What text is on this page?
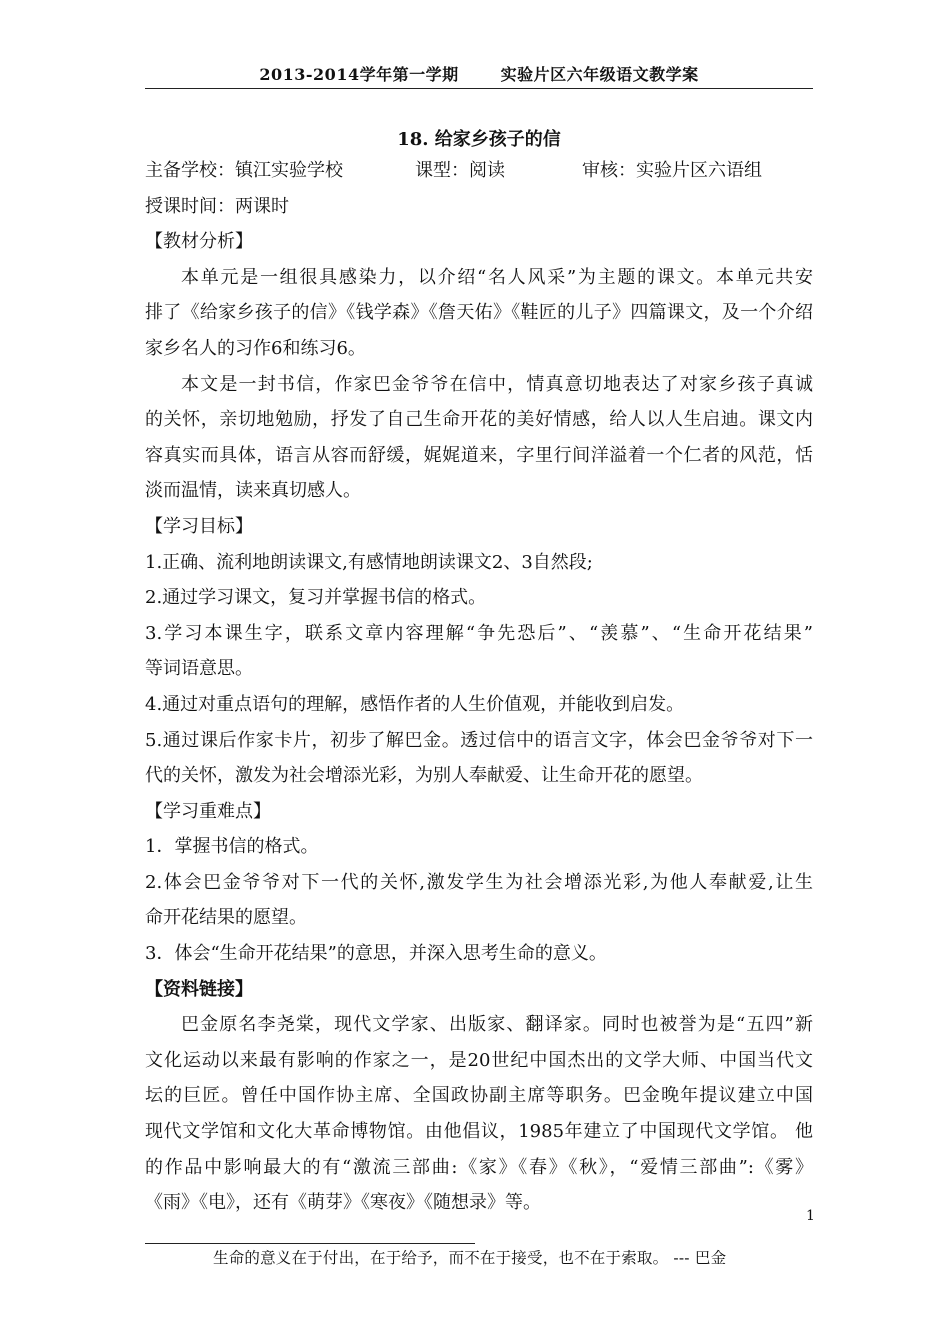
2013-2014学年第一学期	实验片区六年级语文教学案
18. 给家乡孩子的信
主备学校：镇江实验学校	课型：阅读	审核：实验片区六语组
授课时间：两课时
【教材分析】
本单元是一组很具感染力，以介绍“名人风采”为主题的课文。本单元共安
排了《给家乡孩子的信》《钱学森》《詹天佑》《鞋匠的儿子》四篇课文，及一个介绍
家乡名人的习作6和练习6。
本文是一封书信，作家巴金爷爷在信中，情真意切地表达了对家乡孩子真诚
的关怀，亲切地勉励，抒发了自己生命开花的美好情感，给人以人生启迪。课文内
容真实而具体，语言从容而舒缓，娓娓道来，字里行间洋溢着一个仁者的风范，恬
淡而温情，读来真切感人。
【学习目标】
1.正确、流利地朗读课文,有感情地朗读课文2、3自然段;
2.通过学习课文，复习并掌握书信的格式。
3.学习本课生字，联系文章内容理解“争先恐后”、“羡慕”、“生命开花结果”
等词语意思。
4.通过对重点语句的理解，感悟作者的人生价值观，并能收到启发。
5.通过课后作家卡片，初步了解巴金。透过信中的语言文字，体会巴金爷爷对下一
代的关怀，激发为社会增添光彩，为别人奉献爱、让生命开花的愿望。
【学习重难点】
1．掌握书信的格式。
2.体会巴金爷爷对下一代的关怀,激发学生为社会增添光彩,为他人奉献爱,让生
命开花结果的愿望。
3．体会“生命开花结果”的意思，并深入思考生命的意义。
【资料链接】
巴金原名李尧棠，现代文学家、出版家、翻译家。同时也被誉为是“五四”新
文化运动以来最有影响的作家之一，是20世纪中国杰出的文学大师、中国当代文
坛的巨匠。曾任中国作协主席、全国政协副主席等职务。巴金晚年提议建立中国
现代文学馆和文化大革命博物馆。由他倡议，1985年建立了中国现代文学馆。 他
的作品中影响最大的有“激流三部曲:《家》《春》《秋》，“爱情三部曲”:《雾》
《雨》《电》，还有《萌芽》《寒夜》《随想录》等。
1
生命的意义在于付出，在于给予，而不在于接受，也不在于索取。 --- 巴金
